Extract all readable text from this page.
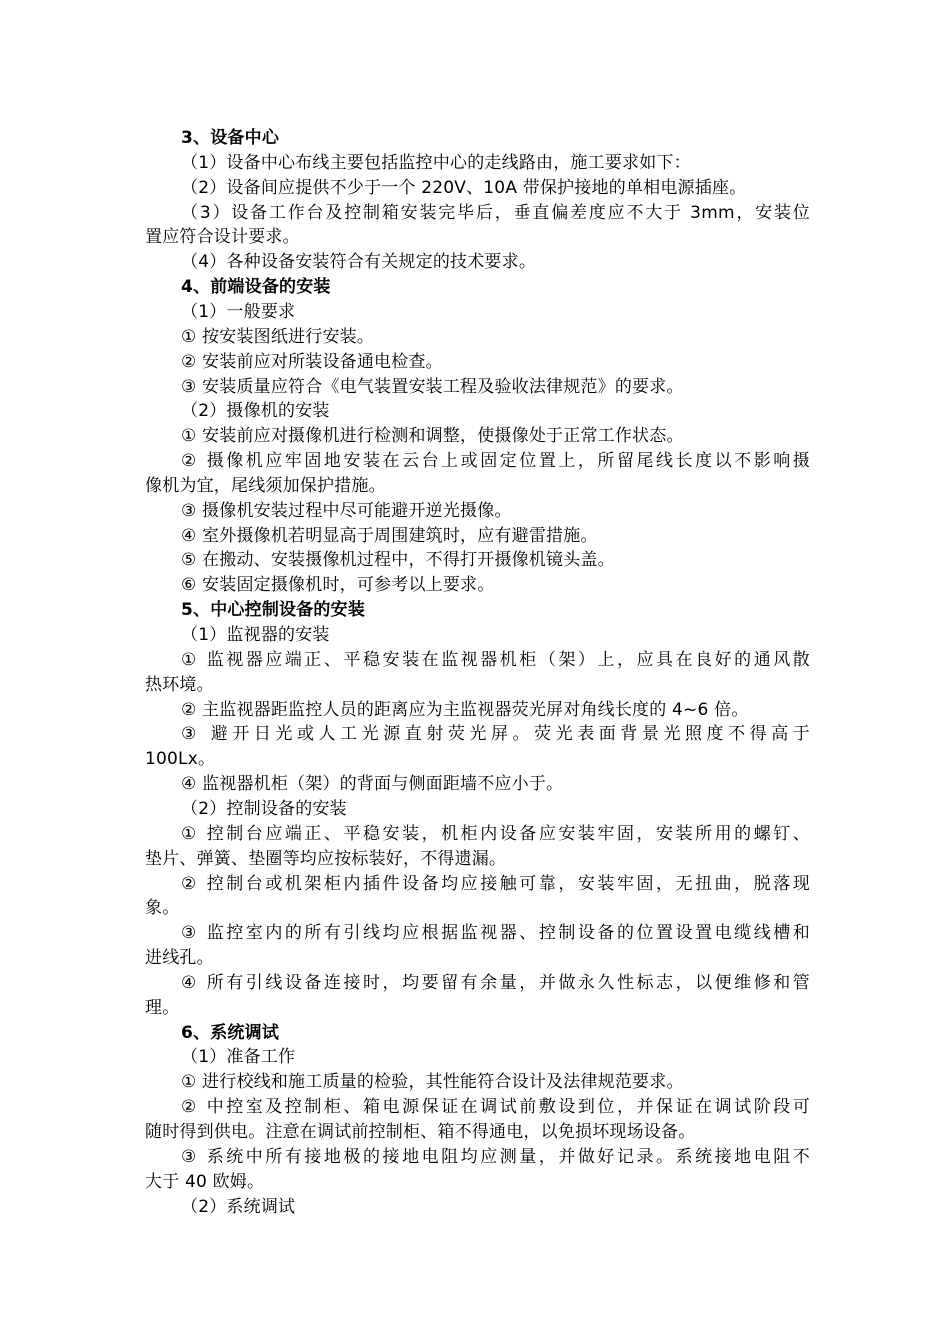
3、设备中心
（1）设备中心布线主要包括监控中心的走线路由，施工要求如下：
（2）设备间应提供不少于一个 220V、10A 带保护接地的单相电源插座。
（3）设备工作台及控制箱安装完毕后，垂直偏差度应不大于 3mm，安装位
置应符合设计要求。
（4）各种设备安装符合有关规定的技术要求。
4、前端设备的安装
（1）一般要求
① 按安装图纸进行安装。
② 安装前应对所装设备通电检查。
③ 安装质量应符合《电气装置安装工程及验收法律规范》的要求。
（2）摄像机的安装
① 安装前应对摄像机进行检测和调整，使摄像处于正常工作状态。
② 摄像机应牢固地安装在云台上或固定位置上，所留尾线长度以不影响摄
像机为宜，尾线须加保护措施。
③ 摄像机安装过程中尽可能避开逆光摄像。
④ 室外摄像机若明显高于周围建筑时，应有避雷措施。
⑤ 在搬动、安装摄像机过程中，不得打开摄像机镜头盖。
⑥ 安装固定摄像机时，可参考以上要求。
5、中心控制设备的安装
（1）监视器的安装
① 监视器应端正、平稳安装在监视器机柜（架）上，应具在良好的通风散
热环境。
② 主监视器距监控人员的距离应为主监视器荧光屏对角线长度的 4~6 倍。
③ 避开日光或人工光源直射荧光屏。荧光表面背景光照度不得高于
100Lx。
④ 监视器机柜（架）的背面与侧面距墙不应小于。
（2）控制设备的安装
① 控制台应端正、平稳安装，机柜内设备应安装牢固，安装所用的螺钉、
垫片、弹簧、垫圈等均应按标装好，不得遗漏。
② 控制台或机架柜内插件设备均应接触可靠，安装牢固，无扭曲，脱落现
象。
③ 监控室内的所有引线均应根据监视器、控制设备的位置设置电缆线槽和
进线孔。
④ 所有引线设备连接时，均要留有余量，并做永久性标志，以便维修和管
理。
6、系统调试
（1）准备工作
① 进行校线和施工质量的检验，其性能符合设计及法律规范要求。
② 中控室及控制柜、箱电源保证在调试前敷设到位，并保证在调试阶段可
随时得到供电。注意在调试前控制柜、箱不得通电，以免损坏现场设备。
③ 系统中所有接地极的接地电阻均应测量，并做好记录。系统接地电阻不
大于 40 欧姆。
（2）系统调试
